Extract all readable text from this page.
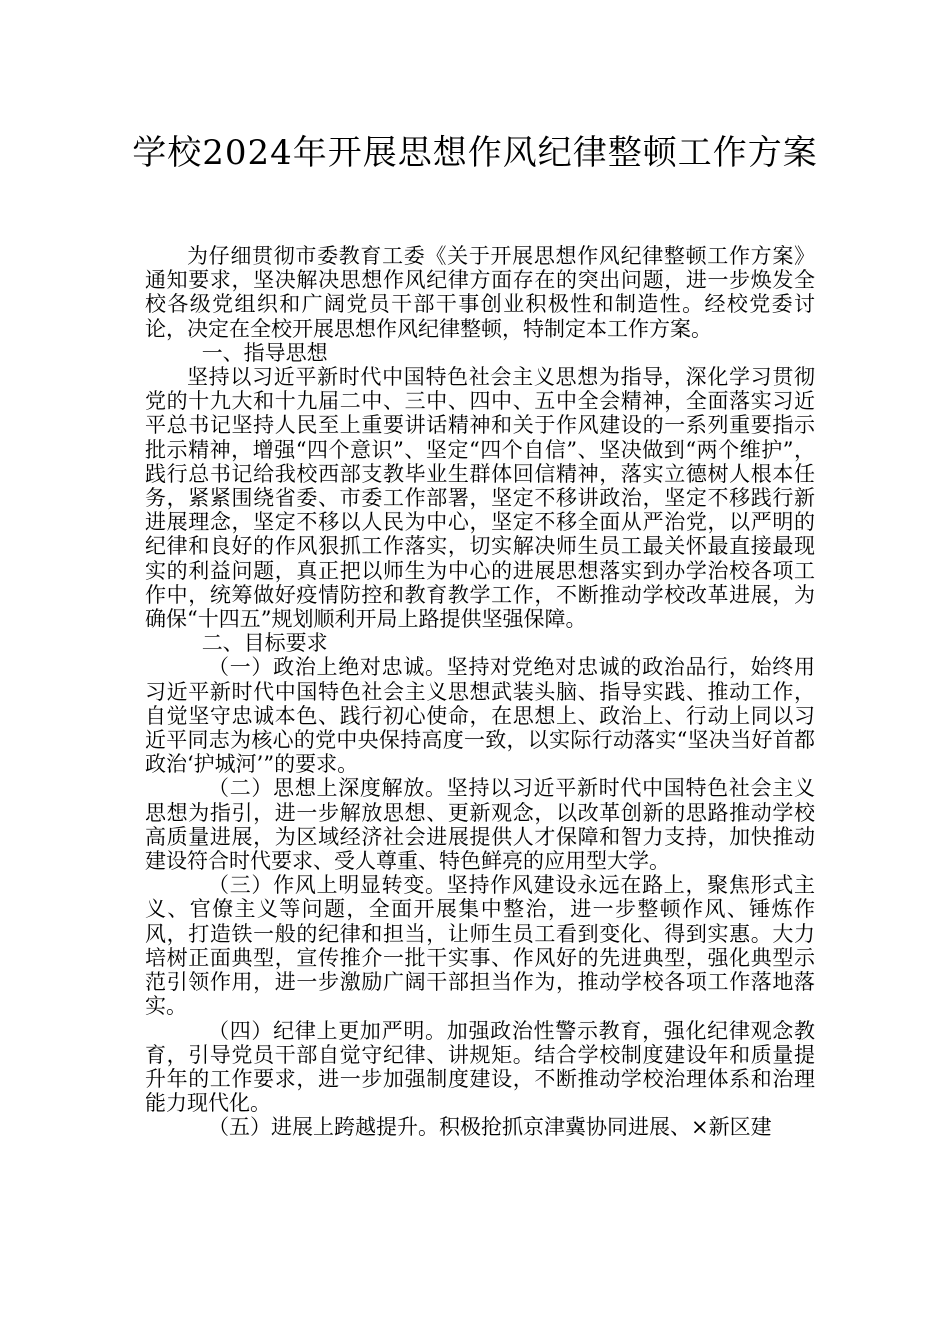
学校2024年开展思想作风纪律整顿工作方案

为仔细贯彻市委教育工委《关于开展思想作风纪律整顿工作方案》通知要求，坚决解决思想作风纪律方面存在的突出问题，进一步焕发全校各级党组织和广阔党员干部干事创业积极性和制造性。经校党委讨论，决定在全校开展思想作风纪律整顿，特制定本工作方案。

一、指导思想

坚持以习近平新时代中国特色社会主义思想为指导，深化学习贯彻党的十九大和十九届二中、三中、四中、五中全会精神，全面落实习近平总书记坚持人民至上重要讲话精神和关于作风建设的一系列重要指示批示精神，增强“四个意识”、坚定“四个自信”、坚决做到“两个维护”，践行总书记给我校西部支教毕业生群体回信精神，落实立德树人根本任务，紧紧围绕省委、市委工作部署，坚定不移讲政治，坚定不移践行新进展理念，坚定不移以人民为中心，坚定不移全面从严治党，以严明的纪律和良好的作风狠抓工作落实，切实解决师生员工最关怀最直接最现实的利益问题，真正把以师生为中心的进展思想落实到办学治校各项工作中，统筹做好疫情防控和教育教学工作，不断推动学校改革进展，为确保“十四五”规划顺利开局上路提供坚强保障。

二、目标要求

（一）政治上绝对忠诚。坚持对党绝对忠诚的政治品行，始终用习近平新时代中国特色社会主义思想武装头脑、指导实践、推动工作，自觉坚守忠诚本色、践行初心使命，在思想上、政治上、行动上同以习近平同志为核心的党中央保持高度一致，以实际行动落实“坚决当好首都政治‘护城河’”的要求。

（二）思想上深度解放。坚持以习近平新时代中国特色社会主义思想为指引，进一步解放思想、更新观念，以改革创新的思路推动学校高质量进展，为区域经济社会进展提供人才保障和智力支持，加快推动建设符合时代要求、受人尊重、特色鲜亮的应用型大学。

（三）作风上明显转变。坚持作风建设永远在路上，聚焦形式主义、官僚主义等问题，全面开展集中整治，进一步整顿作风、锤炼作风，打造铁一般的纪律和担当，让师生员工看到变化、得到实惠。大力培树正面典型，宣传推介一批干实事、作风好的先进典型，强化典型示范引领作用，进一步激励广阔干部担当作为，推动学校各项工作落地落实。

（四）纪律上更加严明。加强政治性警示教育，强化纪律观念教育，引导党员干部自觉守纪律、讲规矩。结合学校制度建设年和质量提升年的工作要求，进一步加强制度建设，不断推动学校治理体系和治理能力现代化。

（五）进展上跨越提升。积极抢抓京津冀协同进展、×新区建
